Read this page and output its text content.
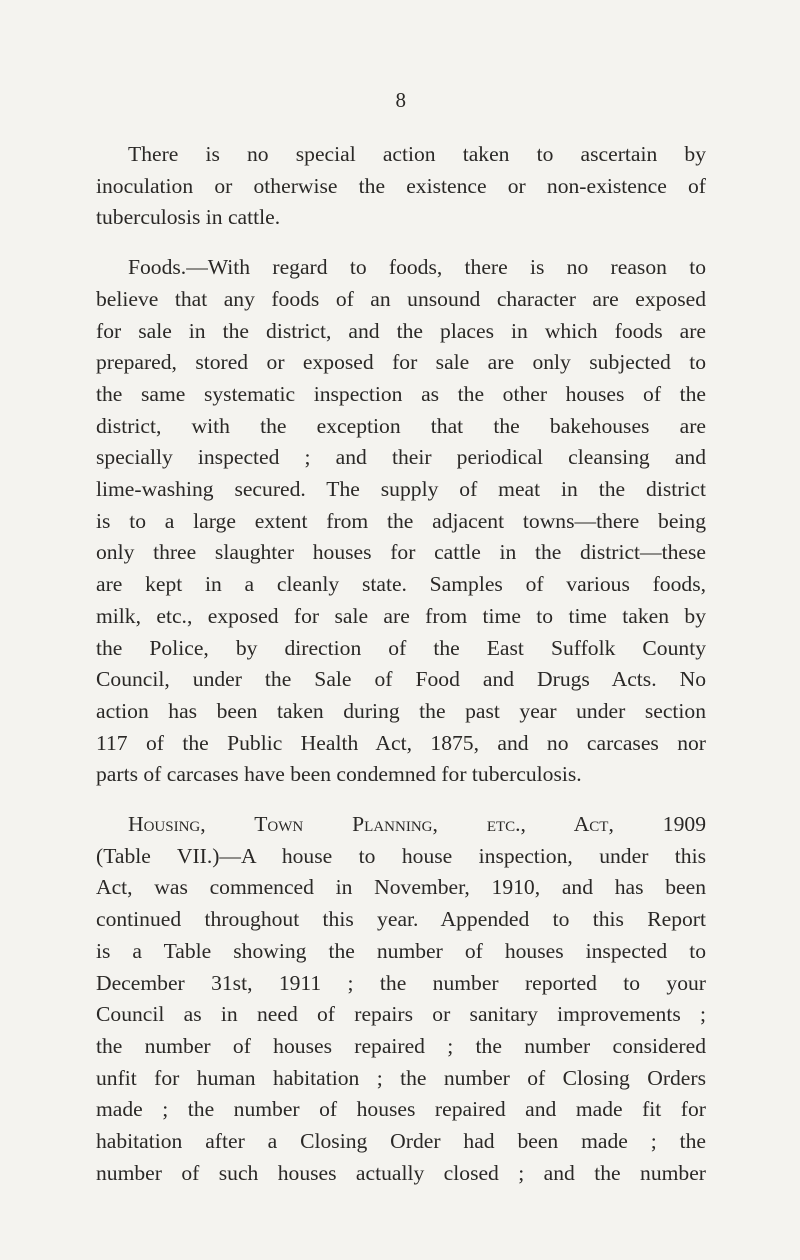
8

There is no special action taken to ascertain by
inoculation or otherwise the existence or non-existence of
tuberculosis in cattle.

Foods.—With regard to foods, there is no reason to
believe that any foods of an unsound character are exposed
for sale in the district, and the places in which foods are
prepared, stored or exposed for sale are only subjected to
the same systematic inspection as the other houses of the
district, with the exception that the bakehouses are
specially inspected ; and their periodical cleansing and
lime-washing secured. The supply of meat in the district
is to a large extent from the adjacent towns—there being
only three slaughter houses for cattle in the district—these
are kept in a cleanly state. Samples of various foods,
milk, etc., exposed for sale are from time to time taken by
the Police, by direction of the East Suffolk County
Council, under the Sale of Food and Drugs Acts. No
action has been taken during the past year under section
117 of the Public Health Act, 1875, and no carcases nor
parts of carcases have been condemned for tuberculosis.

Housing, Town Planning, etc., Act, 1909
(Table VII.)—A house to house inspection, under this
Act, was commenced in November, 1910, and has been
continued throughout this year. Appended to this Report
is a Table showing the number of houses inspected to
December 31st, 1911 ; the number reported to your
Council as in need of repairs or sanitary improvements ;
the number of houses repaired ; the number considered
unfit for human habitation ; the number of Closing Orders
made ; the number of houses repaired and made fit for
habitation after a Closing Order had been made ; the
number of such houses actually closed ; and the number
